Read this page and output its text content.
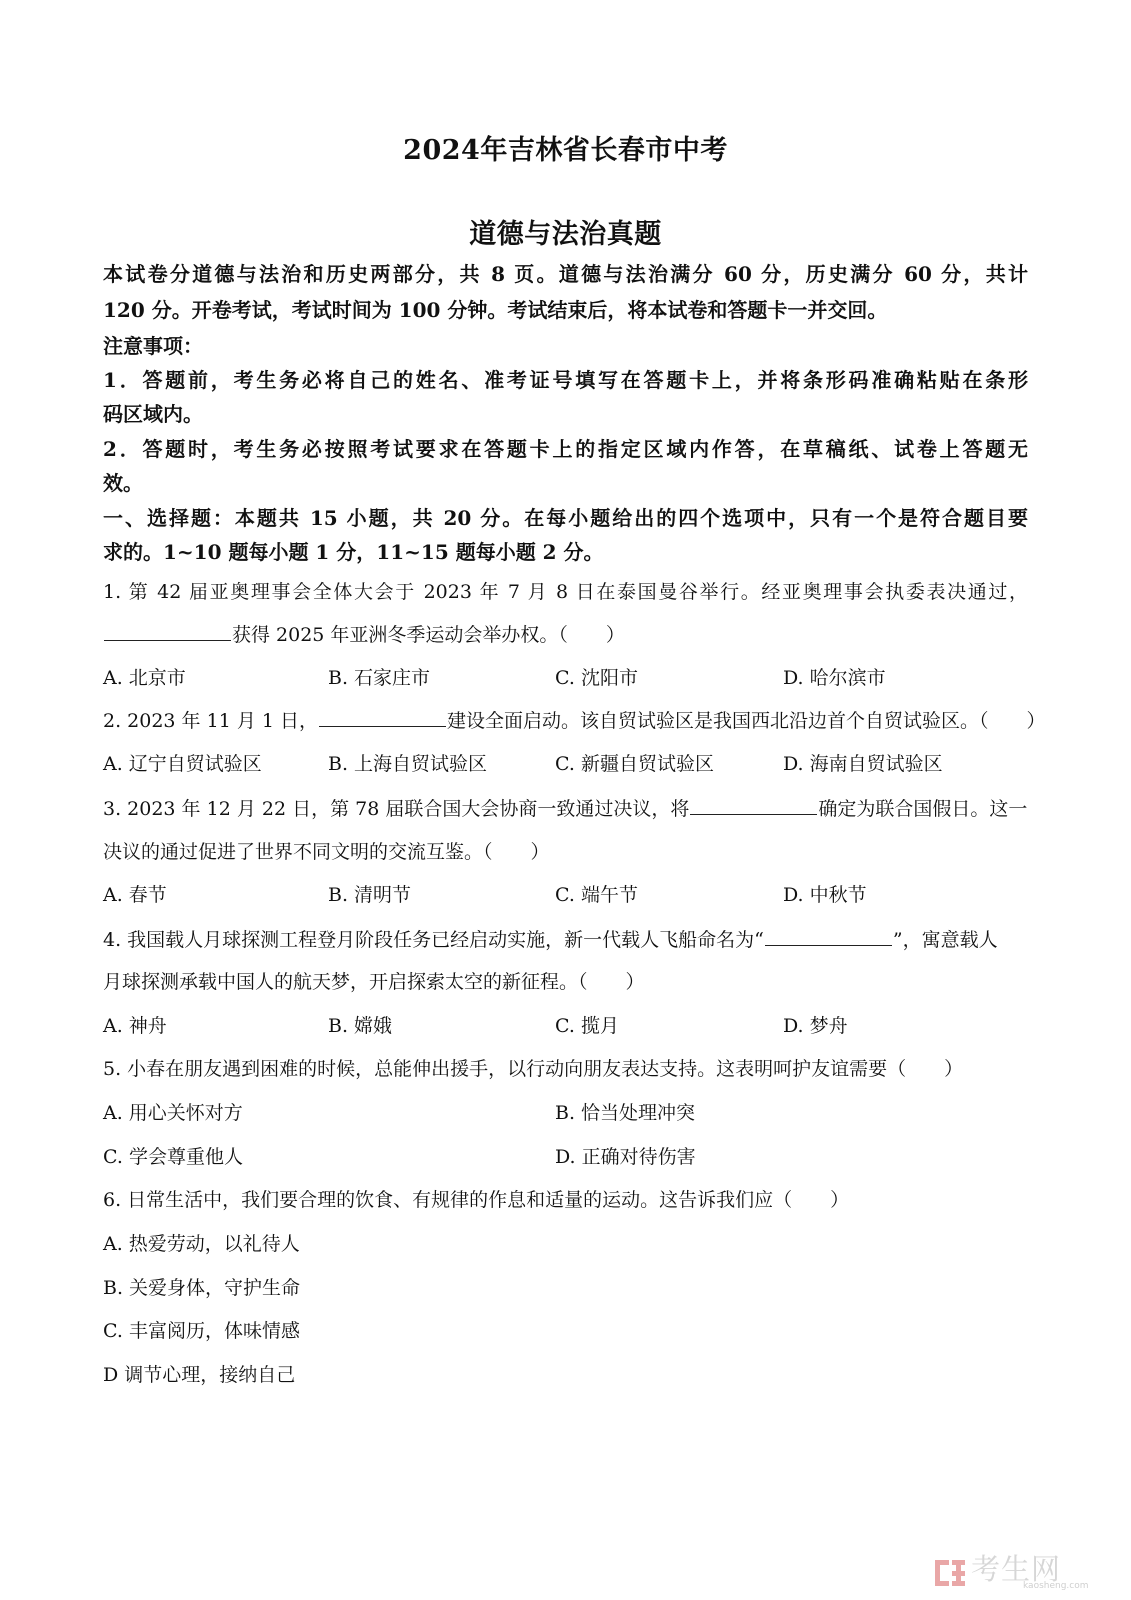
2024年吉林省长春市中考
道德与法治真题
本试卷分道德与法治和历史两部分，共 8 页。道德与法治满分 60 分，历史满分 60 分，共计
120 分。开卷考试，考试时间为 100 分钟。考试结束后，将本试卷和答题卡一并交回。
注意事项：
1．答题前，考生务必将自己的姓名、准考证号填写在答题卡上，并将条形码准确粘贴在条形
码区域内。
2．答题时，考生务必按照考试要求在答题卡上的指定区域内作答，在草稿纸、试卷上答题无
效。
一、选择题：本题共 15 小题，共 20 分。在每小题给出的四个选项中，只有一个是符合题目要
求的。1~10 题每小题 1 分，11~15 题每小题 2 分。
1. 第 42 届亚奥理事会全体大会于 2023 年 7 月 8 日在泰国曼谷举行。经亚奥理事会执委表决通过，
获得 2025 年亚洲冬季运动会举办权。（　　）
A. 北京市	B. 石家庄市	C. 沈阳市	D. 哈尔滨市
2. 2023 年 11 月 1 日，	建设全面启动。该自贸试验区是我国西北沿边首个自贸试验区。（　　）
A. 辽宁自贸试验区	B. 上海自贸试验区	C. 新疆自贸试验区	D. 海南自贸试验区
3. 2023 年 12 月 22 日，第 78 届联合国大会协商一致通过决议，将	确定为联合国假日。这一
决议的通过促进了世界不同文明的交流互鉴。（　　）
A. 春节	B. 清明节	C. 端午节	D. 中秋节
4. 我国载人月球探测工程登月阶段任务已经启动实施，新一代载人飞船命名为“	”，寓意载人
月球探测承载中国人的航天梦，开启探索太空的新征程。（　　）
A. 神舟	B. 嫦娥	C. 揽月	D. 梦舟
5. 小春在朋友遇到困难的时候，总能伸出援手，以行动向朋友表达支持。这表明呵护友谊需要（　　）
A. 用心关怀对方	B. 恰当处理冲突
C. 学会尊重他人	D. 正确对待伤害
6. 日常生活中，我们要合理的饮食、有规律的作息和适量的运动。这告诉我们应（　　）
A. 热爱劳动，以礼待人
B. 关爱身体，守护生命
C. 丰富阅历，体味情感
D 调节心理，接纳自己
考生网
kaosheng.com
